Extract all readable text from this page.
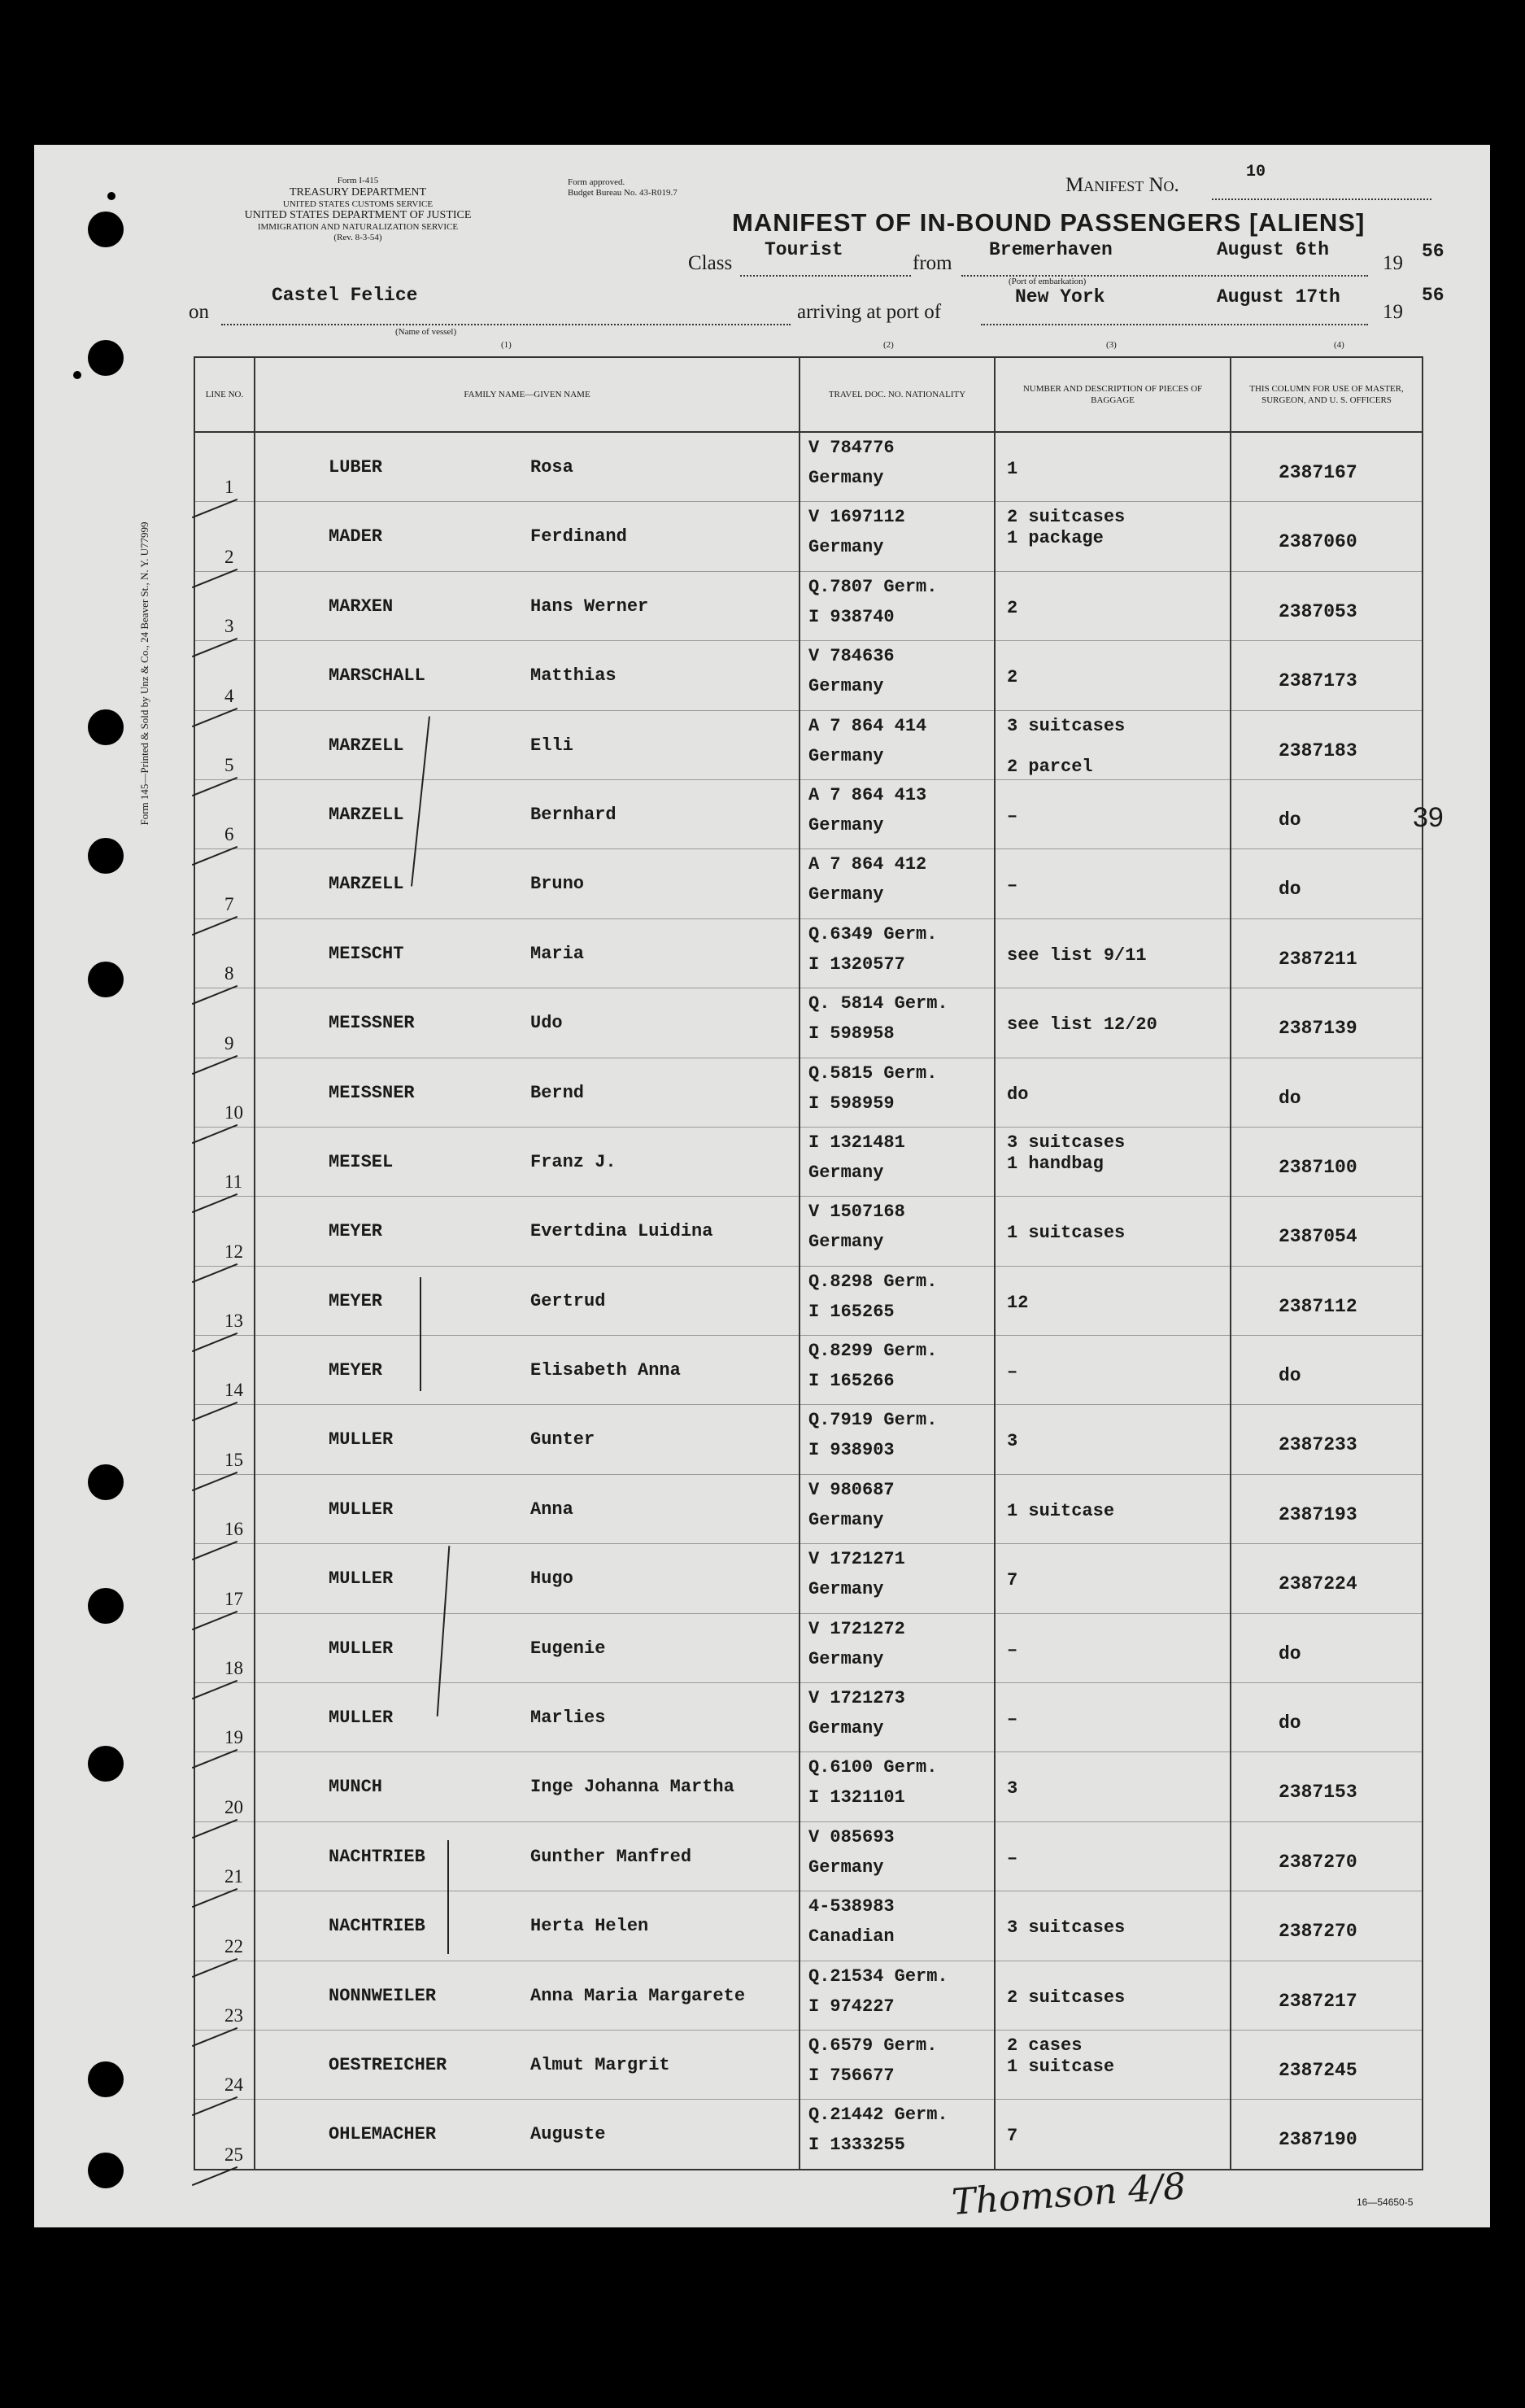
Form I-415
TREASURY DEPARTMENT
UNITED STATES CUSTOMS SERVICE
UNITED STATES DEPARTMENT OF JUSTICE
IMMIGRATION AND NATURALIZATION SERVICE
(Rev. 8-3-54)
Form approved.
Budget Bureau No. 43-R019.7	Manifest No.
10
MANIFEST OF IN-BOUND PASSENGERS [ALIENS]
Class
Tourist
from
Bremerhaven	August 6th
19
56
(Port of embarkation)
on
Castel Felice
(Name of vessel)
arriving at port of
New York	August 17th
19
56
(1)	(2)	(3)	(4)
Form 145—Printed & Sold by Unz & Co., 24 Beaver St., N. Y. U77999
LINE NO.	FAMILY NAME—GIVEN NAME	TRAVEL DOC. NO. NATIONALITY	NUMBER AND DESCRIPTION OF PIECES OF BAGGAGE	THIS COLUMN FOR USE OF MASTER, SURGEON, AND U. S. OFFICERS

1	LUBER Rosa	V 784776
Germany	1	2387167

2	MADER Ferdinand	V 1697112
Germany	2 suitcases
1 package	2387060

3	MARXEN Hans Werner	Q.7807 Germ.
I 938740	2	2387053

4	MARSCHALL Matthias	V 784636
Germany	2	2387173

5	MARZELL Elli	A 7 864 414
Germany	3 suitcases
2 parcel	2387183

6	MARZELL Bernhard	A 7 864 413
Germany	–	do

7	MARZELL Bruno	A 7 864 412
Germany	–	do

8	MEISCHT Maria	Q.6349 Germ.
I 1320577	see list 9/11	2387211

9	MEISSNER Udo	Q. 5814 Germ.
I 598958	see list 12/20	2387139

10	MEISSNER Bernd	Q.5815 Germ.
I 598959	do	do

11	MEISEL Franz J.	I 1321481
Germany	3 suitcases
1 handbag	2387100

12	MEYER Evertdina Luidina	V 1507168
Germany	1 suitcases	2387054

13	MEYER Gertrud	Q.8298 Germ.
I 165265	12	2387112

14	MEYER Elisabeth Anna	Q.8299 Germ.
I 165266	–	do

15	MULLER Gunter	Q.7919 Germ.
I 938903	3	2387233

16	MULLER Anna	V 980687
Germany	1 suitcase	2387193

17	MULLER Hugo	V 1721271
Germany	7	2387224

18	MULLER Eugenie	V 1721272
Germany	–	do

19	MULLER Marlies	V 1721273
Germany	–	do

20	MUNCH Inge Johanna Martha	Q.6100 Germ.
I 1321101	3	2387153

21	NACHTRIEB Gunther Manfred	V 085693
Germany	–	2387270

22	NACHTRIEB Herta Helen	4-538983
Canadian	3 suitcases	2387270

23	NONNWEILER Anna Maria Margarete	Q.21534 Germ.
I 974227	2 suitcases	2387217

24	OESTREICHER Almut Margrit	Q.6579 Germ.
I 756677	2 cases
1 suitcase	2387245

25	OHLEMACHER Auguste	Q.21442 Germ.
I 1333255	7	2387190
39
Thomson 4/8	16—54650-5
